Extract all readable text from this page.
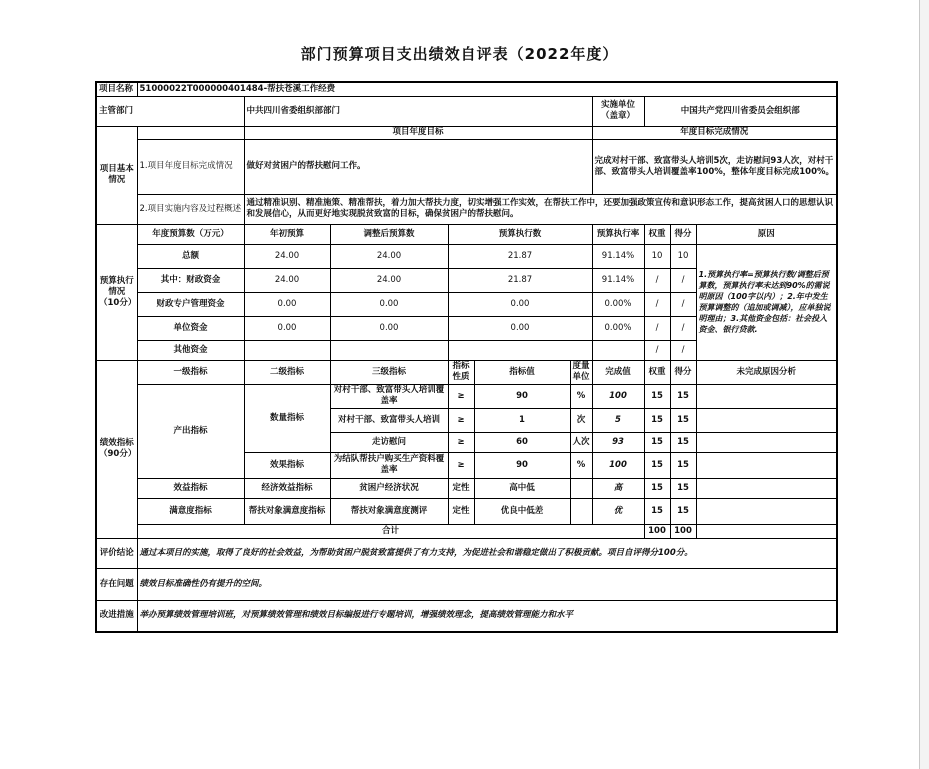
部门预算项目支出绩效自评表（2022年度）
项目名称	51000022T000000401484-帮扶苍溪工作经费									
主管部门		中共四川省委组织部部门					实施单位（盖章）	中国共产党四川省委员会组织部		
项目基本情况		项目年度目标					年度目标完成情况			
	1.项目年度目标完成情况	做好对贫困户的帮扶慰问工作。					完成对村干部、致富带头人培训5次，走访慰问93人次，对村干部、致富带头人培训覆盖率100%，整体年度目标完成100%。			
	2.项目实施内容及过程概述	通过精准识别、精准施策、精准帮扶，着力加大帮扶力度，切实增强工作实效，在帮扶工作中，还要加强政策宣传和意识形态工作，提高贫困人口的思想认识和发展信心，从而更好地实现脱贫致富的目标，确保贫困户的帮扶慰问。								

预算执行情况（10分）	年度预算数（万元）	年初预算	调整后预算数	预算执行数			预算执行率	权重	得分	原因
	总额	24.00	24.00	21.87			91.14%	10	10	1.预算执行率=预算执行数/调整后预算数，预算执行率未达到90%的需说明原因（100字以内）；2.年中发生预算调整的（追加或调减），应单独说明理由；3.其他资金包括：社会投入资金、银行贷款.
	其中：财政资金	24.00	24.00	21.87			91.14%	/	/	
	财政专户管理资金	0.00	0.00	0.00			0.00%	/	/	
	单位资金	0.00	0.00	0.00			0.00%	/	/	
	其他资金							/	/	
绩效指标（90分）	一级指标	二级指标	三级指标	指标性质	指标值	度量单位	完成值	权重	得分	未完成原因分析
	产出指标	数量指标	对村干部、致富带头人培训覆盖率	≥	90	%	100	15	15	
			对村干部、致富带头人培训	≥	1	次	5	15	15	
			走访慰问	≥	60	人次	93	15	15	
		效果指标	为结队帮扶户购买生产资料覆盖率	≥	90	%	100	15	15	
	效益指标	经济效益指标	贫困户经济状况	定性	高中低		高	15	15	
	满意度指标	帮扶对象满意度指标	帮扶对象满意度测评	定性	优良中低差		优	15	15	
	合计							100	100	

评价结论	通过本项目的实施，取得了良好的社会效益，为帮助贫困户脱贫致富提供了有力支持，为促进社会和谐稳定做出了积极贡献。项目自评得分100分。									
存在问题	绩效目标准确性仍有提升的空间。									
改进措施	举办预算绩效管理培训班，对预算绩效管理和绩效目标编报进行专题培训，增强绩效理念，提高绩效管理能力和水平									
